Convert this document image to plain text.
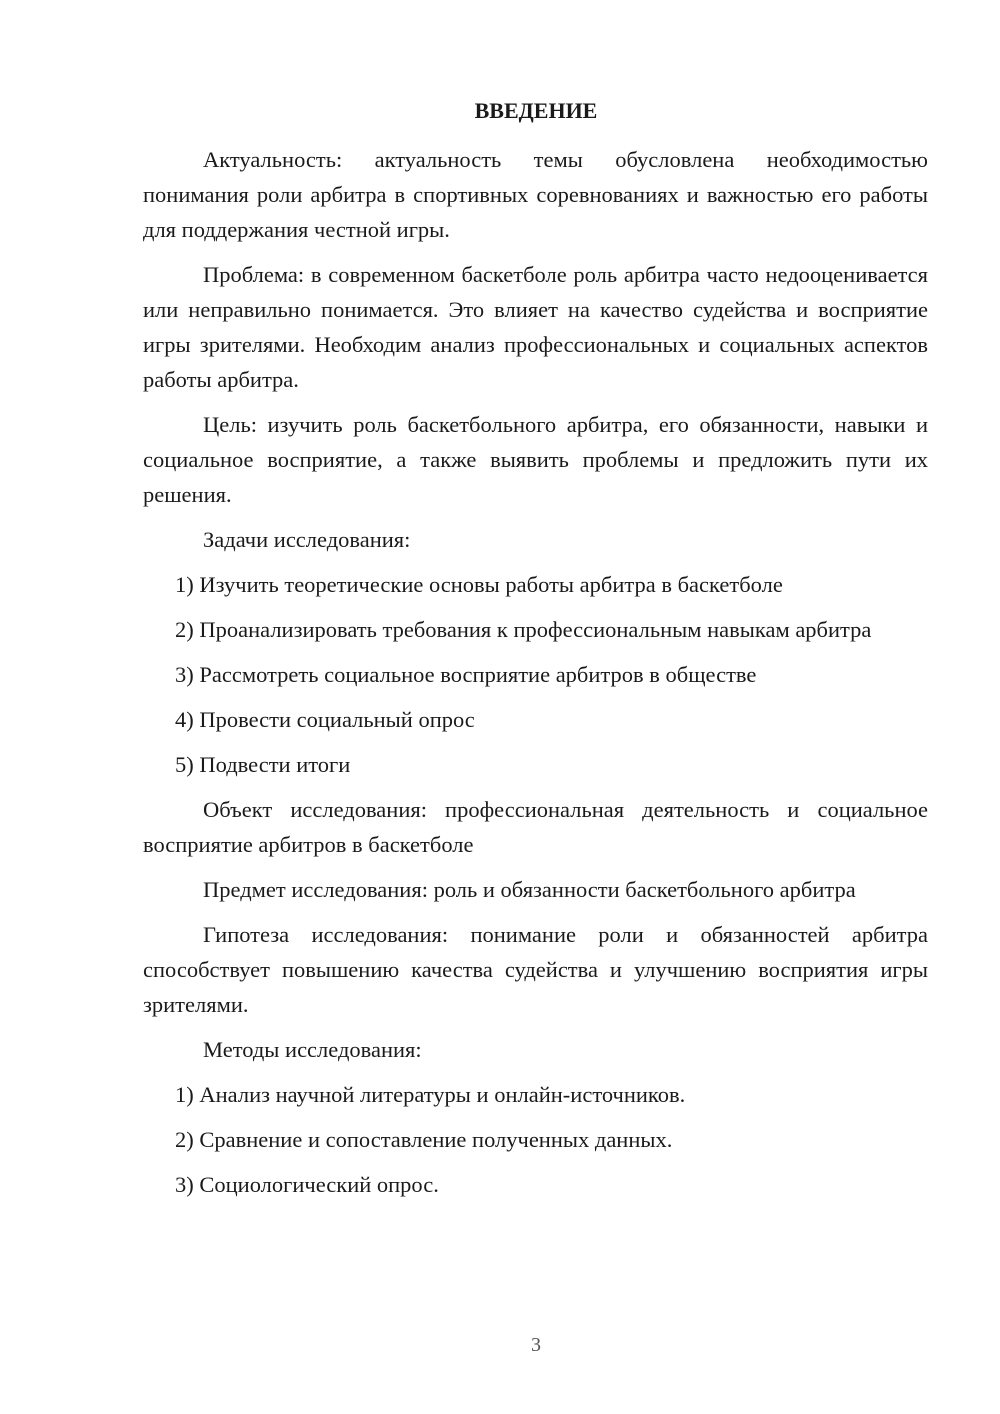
ВВЕДЕНИЕ

Актуальность: актуальность темы обусловлена необходимостью понимания роли арбитра в спортивных соревнованиях и важностью его работы для поддержания честной игры.

Проблема: в современном баскетболе роль арбитра часто недооценивается или неправильно понимается. Это влияет на качество судейства и восприятие игры зрителями. Необходим анализ профессиональных и социальных аспектов работы арбитра.

Цель: изучить роль баскетбольного арбитра, его обязанности, навыки и социальное восприятие, а также выявить проблемы и предложить пути их решения.

Задачи исследования:

1) Изучить теоретические основы работы арбитра в баскетболе

2) Проанализировать требования к профессиональным навыкам арбитра

3) Рассмотреть социальное восприятие арбитров в обществе

4) Провести социальный опрос

5) Подвести итоги

Объект исследования: профессиональная деятельность и социальное восприятие арбитров в баскетболе

Предмет исследования: роль и обязанности баскетбольного арбитра

Гипотеза исследования: понимание роли и обязанностей арбитра способствует повышению качества судейства и улучшению восприятия игры зрителями.

Методы исследования:

1) Анализ научной литературы и онлайн-источников.

2) Сравнение и сопоставление полученных данных.

3) Социологический опрос.

3
